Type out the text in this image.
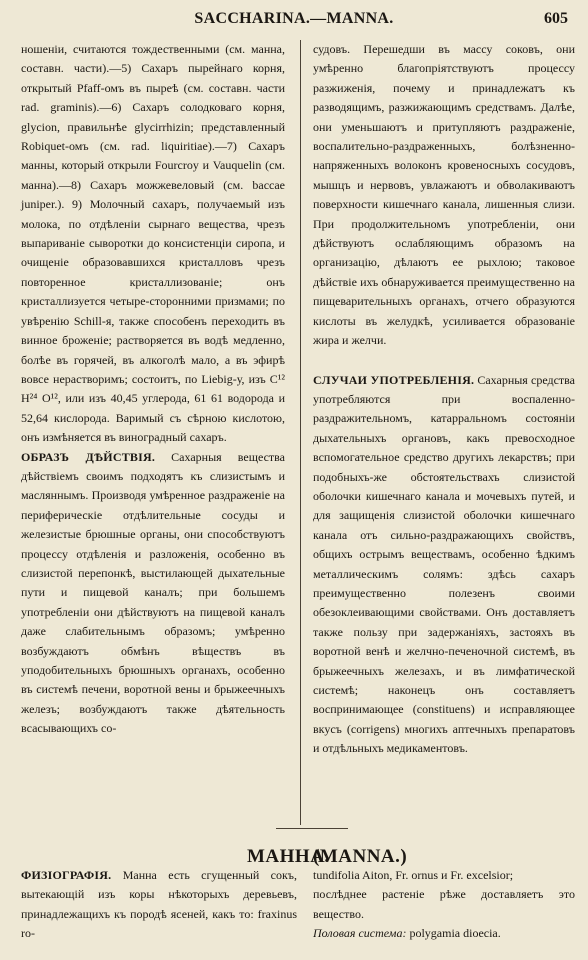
SACCHARINA.—MANNA.	605

ношеніи, считаются тождественными (см. манна, составн. части).—5) Сахаръ пырейнаго корня, открытый Pfaff-омъ въ пыреѣ (см. составн. части rad. graminis).—6) Сахаръ солодковаго корня, glycion, правильнѣе glycirrhizin; представленный Robiquet-омъ (см. rad. liquiritiae).—7) Сахаръ манны, который открыли Fourcroy и Vauquelin (см. манна).—8) Сахаръ можжевеловый (см. baccae juniper.). 9) Молочный сахаръ, получаемый изъ молока, по отдѣленіи сырнаго вещества, чрезъ выпариваніе сыворотки до консистенціи сиропа, и очищеніе образовавшихся кристалловъ чрезъ повторенное кристаллизованіе; онъ кристаллизуется четыре-сторонними призмами; по увѣренію Schill-я, также способенъ переходить въ винное броженіе; растворяется въ водѣ медленно, болѣе въ горячей, въ алкоголѣ мало, а въ эфирѣ вовсе нерастворимъ; состоитъ, по Liebig-у, изъ C¹² H²⁴ O¹², или изъ 40,45 углерода, 61 61 водорода и 52,64 кислорода. Варимый съ сѣрною кислотою, онъ измѣняется въ виноградный сахаръ.

ОБРАЗЪ ДѢЙСТВІЯ. Сахарныя вещества дѣйствіемъ своимъ подходятъ къ слизистымъ и масляннымъ. Производя умѣренное раздраженіе на периферическіе отдѣлительные сосуды и железистые брюшные органы, они способствуютъ процессу отдѣленія и разложенія, особенно въ слизистой перепонкѣ, выстилающей дыхательные пути и пищевой каналъ; при большемъ употребленіи они дѣйствуютъ на пищевой каналъ даже слабительнымъ образомъ; умѣренно возбуждаютъ обмѣнъ вѣществъ въ уподобительныхъ брюшныхъ органахъ, особенно въ системѣ печени, воротной вены и брыжеечныхъ железъ; возбуждаютъ также дѣятельность всасывающихъ со-

судовъ. Перешедши въ массу соковъ, они умѣренно благопріятствуютъ процессу разжиженія, почему и принадлежатъ къ разводящимъ, разжижающимъ средствамъ. Далѣе, они уменьшаютъ и притупляютъ раздраженіе, воспалительно-раздраженныхъ, болѣзненно-напряженныхъ волоконъ кровеносныхъ сосудовъ, мышцъ и нервовъ, увлажаютъ и обволакиваютъ поверхности кишечнаго канала, лишенныя слизи. При продолжительномъ употребленіи, они дѣйствуютъ ослабляющимъ образомъ на организацію, дѣлаютъ ее рыхлою; таковое дѣйствіе ихъ обнаруживается преимущественно на пищеварительныхъ органахъ, отчего образуются кислоты въ желудкѣ, усиливается образованіе жира и желчи.

СЛУЧАИ УПОТРЕБЛЕНІЯ. Сахарныя средства употребляются при воспаленно-раздражительномъ, катарральномъ состояніи дыхательныхъ органовъ, какъ превосходное вспомогательное средство другихъ лекарствъ; при подобныхъ-же обстоятельствахъ слизистой оболочки кишечнаго канала и мочевыхъ путей, и для защищенія слизистой оболочки кишечнаго канала отъ сильно-раздражающихъ свойствъ, общихъ острымъ веществамъ, особенно ѣдкимъ металлическимъ солямъ: здѣсь сахаръ преимущественно полезенъ своими обезоклеивающими свойствами. Онъ доставляетъ также пользу при задержаніяхъ, застояхъ въ воротной венѣ и желчно-печеночной системѣ, въ брыжеечныхъ железахъ, и въ лимфатической системѣ; наконецъ онъ составляетъ воспринимающее (constituens) и исправляющее вкусъ (corrigens) многихъ аптечныхъ препаратовъ и отдѣльныхъ медикаментовъ.

МАННА.
(MANNA.)
ФИЗІОГРАФІЯ. Манна есть сгущенный сокъ, вытекающій изъ коры нѣкоторыхъ деревьевъ, принадлежащихъ къ породѣ ясеней, какъ то: fraxinus ro-
tundifolia Aiton, Fr. ornus и Fr. excelsior;
послѣднее растеніе рѣже доставляетъ это вещество.
Половая система: polygamia dioecia.
